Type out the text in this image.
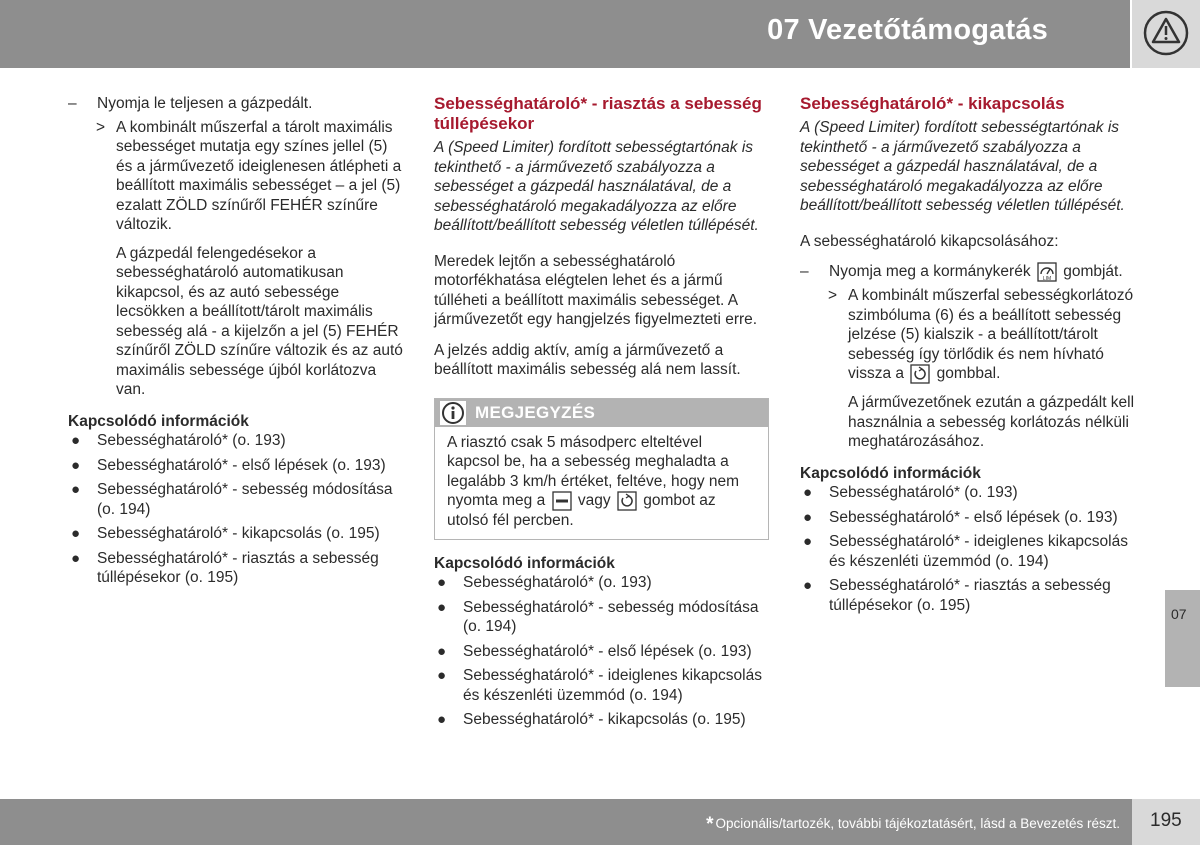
07 Vezetőtámogatás
– Nyomja le teljesen a gázpedált.
> A kombinált műszerfal a tárolt maximális sebességet mutatja egy színes jellel (5) és a járművezető ideiglenesen átlépheti a beállított maximális sebességet – a jel (5) ezalatt ZÖLD színűről FEHÉR színűre változik.
A gázpedál felengedésekor a sebességhatároló automatikusan kikapcsol, és az autó sebessége lecsökken a beállított/tárolt maximális sebesség alá - a kijelzőn a jel (5) FEHÉR színűről ZÖLD színűre változik és az autó maximális sebessége újból korlátozva van.
Kapcsolódó információk
● Sebességhatároló* (o. 193)
● Sebességhatároló* - első lépések (o. 193)
● Sebességhatároló* - sebesség módosítása (o. 194)
● Sebességhatároló* - kikapcsolás (o. 195)
● Sebességhatároló* - riasztás a sebesség túllépésekor (o. 195)
Sebességhatároló* - riasztás a sebesség túllépésekor

A (Speed Limiter) fordított sebességtartónak is tekinthető - a járművezető szabályozza a sebességet a gázpedál használatával, de a sebességhatároló megakadályozza az előre beállított/beállított sebesség véletlen túllépését.

Meredek lejtőn a sebességhatároló motorfékhatása elégtelen lehet és a jármű túlléheti a beállított maximális sebességet. A járművezetőt egy hangjelzés figyelmezteti erre.

A jelzés addig aktív, amíg a járművezető a beállított maximális sebesség alá nem lassít.

MEGJEGYZÉS
A riasztó csak 5 másodperc elteltével kapcsol be, ha a sebesség meghaladta a legalább 3 km/h értéket, feltéve, hogy nem nyomta meg a vagy gombot az utolsó fél percben.
Kapcsolódó információk
● Sebességhatároló* (o. 193)
● Sebességhatároló* - sebesség módosítása (o. 194)
● Sebességhatároló* - első lépések (o. 193)
● Sebességhatároló* - ideiglenes kikapcsolás és készenléti üzemmód (o. 194)
● Sebességhatároló* - kikapcsolás (o. 195)
Sebességhatároló* - kikapcsolás

A (Speed Limiter) fordított sebességtartónak is tekinthető - a járművezető szabályozza a sebességet a gázpedál használatával, de a sebességhatároló megakadályozza az előre beállított/beállított sebesség véletlen túllépését.

A sebességhatároló kikapcsolásához:

– Nyomja meg a kormánykerék LIM gombját.
> A kombinált műszerfal sebességkorlátozó szimbóluma (6) és a beállított sebesség jelzése (5) kialszik - a beállított/tárolt sebesség így törlődik és nem hívható vissza a gombbal.
A járművezetőnek ezután a gázpedált kell használnia a sebesség korlátozás nélküli meghatározásához.
Kapcsolódó információk
● Sebességhatároló* (o. 193)
● Sebességhatároló* - első lépések (o. 193)
● Sebességhatároló* - ideiglenes kikapcsolás és készenléti üzemmód (o. 194)
● Sebességhatároló* - riasztás a sebesség túllépésekor (o. 195)
07
* Opcionális/tartozék, további tájékoztatásért, lásd a Bevezetés részt. 195
